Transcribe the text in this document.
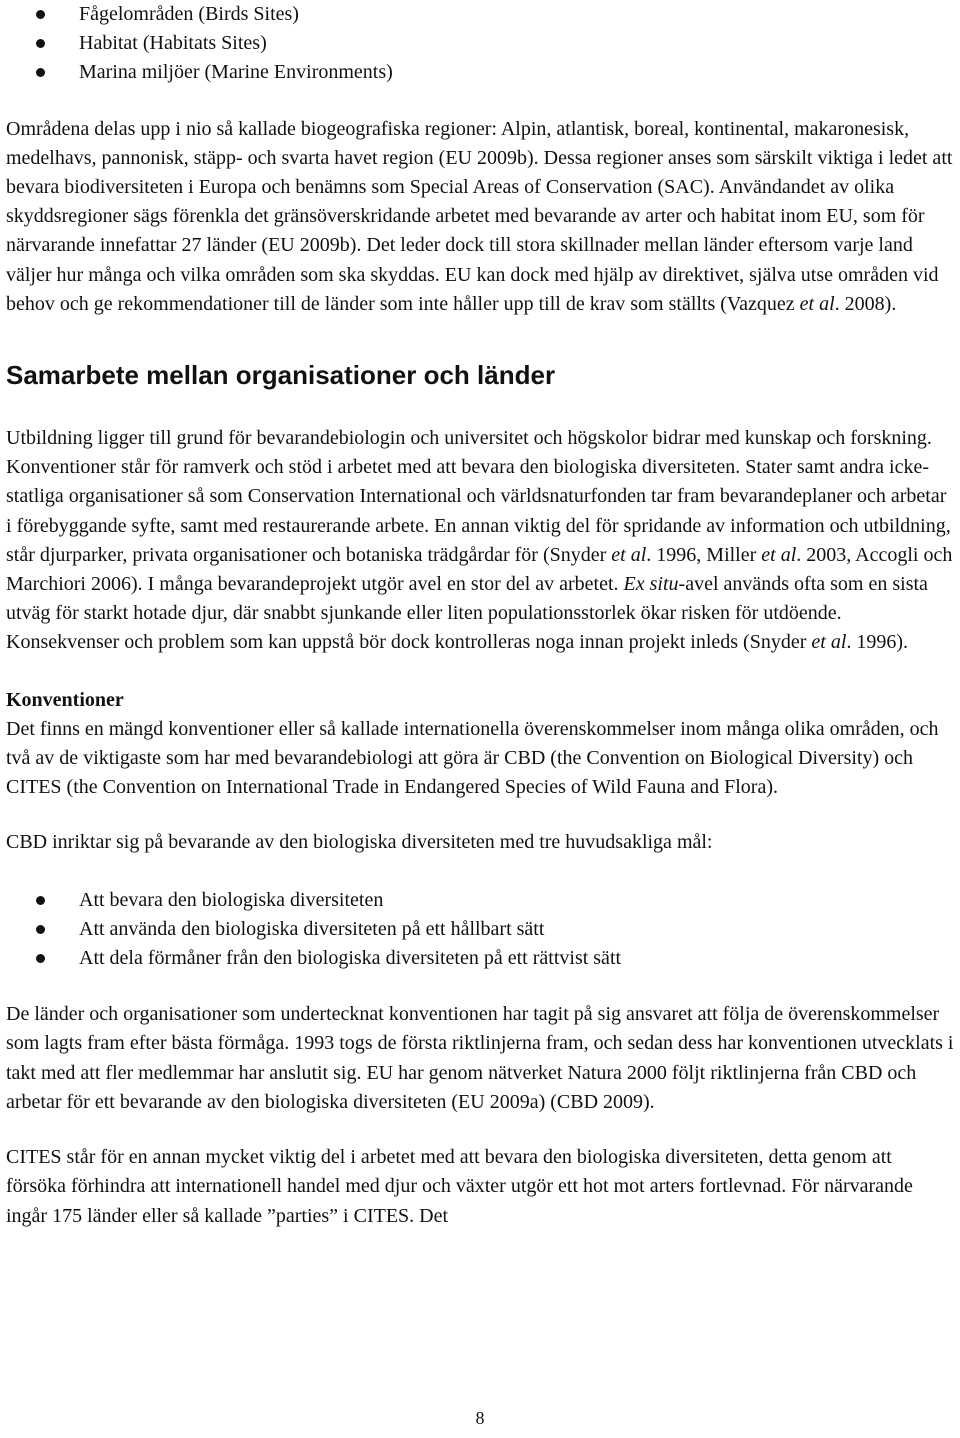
Fågelområden (Birds Sites)
Habitat (Habitats Sites)
Marina miljöer (Marine Environments)

Områdena delas upp i nio så kallade biogeografiska regioner: Alpin, atlantisk, boreal, kontinental, makaronesisk, medelhavs, pannonisk, stäpp- och svarta havet region (EU 2009b). Dessa regioner anses som särskilt viktiga i ledet att bevara biodiversiteten i Europa och benämns som Special Areas of Conservation (SAC). Användandet av olika skyddsregioner sägs förenkla det gränsöverskridande arbetet med bevarande av arter och habitat inom EU, som för närvarande innefattar 27 länder (EU 2009b). Det leder dock till stora skillnader mellan länder eftersom varje land väljer hur många och vilka områden som ska skyddas. EU kan dock med hjälp av direktivet, själva utse områden vid behov och ge rekommendationer till de länder som inte håller upp till de krav som ställts (Vazquez et al. 2008).

Samarbete mellan organisationer och länder

Utbildning ligger till grund för bevarandebiologin och universitet och högskolor bidrar med kunskap och forskning. Konventioner står för ramverk och stöd i arbetet med att bevara den biologiska diversiteten. Stater samt andra icke-statliga organisationer så som Conservation International och världsnaturfonden tar fram bevarandeplaner och arbetar i förebyggande syfte, samt med restaurerande arbete. En annan viktig del för spridande av information och utbildning, står djurparker, privata organisationer och botaniska trädgårdar för (Snyder et al. 1996, Miller et al. 2003, Accogli och Marchiori 2006). I många bevarandeprojekt utgör avel en stor del av arbetet. Ex situ-avel används ofta som en sista utväg för starkt hotade djur, där snabbt sjunkande eller liten populationsstorlek ökar risken för utdöende. Konsekvenser och problem som kan uppstå bör dock kontrolleras noga innan projekt inleds (Snyder et al. 1996).

Konventioner

Det finns en mängd konventioner eller så kallade internationella överenskommelser inom många olika områden, och två av de viktigaste som har med bevarandebiologi att göra är CBD (the Convention on Biological Diversity) och CITES (the Convention on International Trade in Endangered Species of Wild Fauna and Flora).

CBD inriktar sig på bevarande av den biologiska diversiteten med tre huvudsakliga mål:

Att bevara den biologiska diversiteten
Att använda den biologiska diversiteten på ett hållbart sätt
Att dela förmåner från den biologiska diversiteten på ett rättvist sätt

De länder och organisationer som undertecknat konventionen har tagit på sig ansvaret att följa de överenskommelser som lagts fram efter bästa förmåga. 1993 togs de första riktlinjerna fram, och sedan dess har konventionen utvecklats i takt med att fler medlemmar har anslutit sig. EU har genom nätverket Natura 2000 följt riktlinjerna från CBD och arbetar för ett bevarande av den biologiska diversiteten (EU 2009a) (CBD 2009).

CITES står för en annan mycket viktig del i arbetet med att bevara den biologiska diversiteten, detta genom att försöka förhindra att internationell handel med djur och växter utgör ett hot mot arters fortlevnad. För närvarande ingår 175 länder eller så kallade ”parties” i CITES. Det

8
